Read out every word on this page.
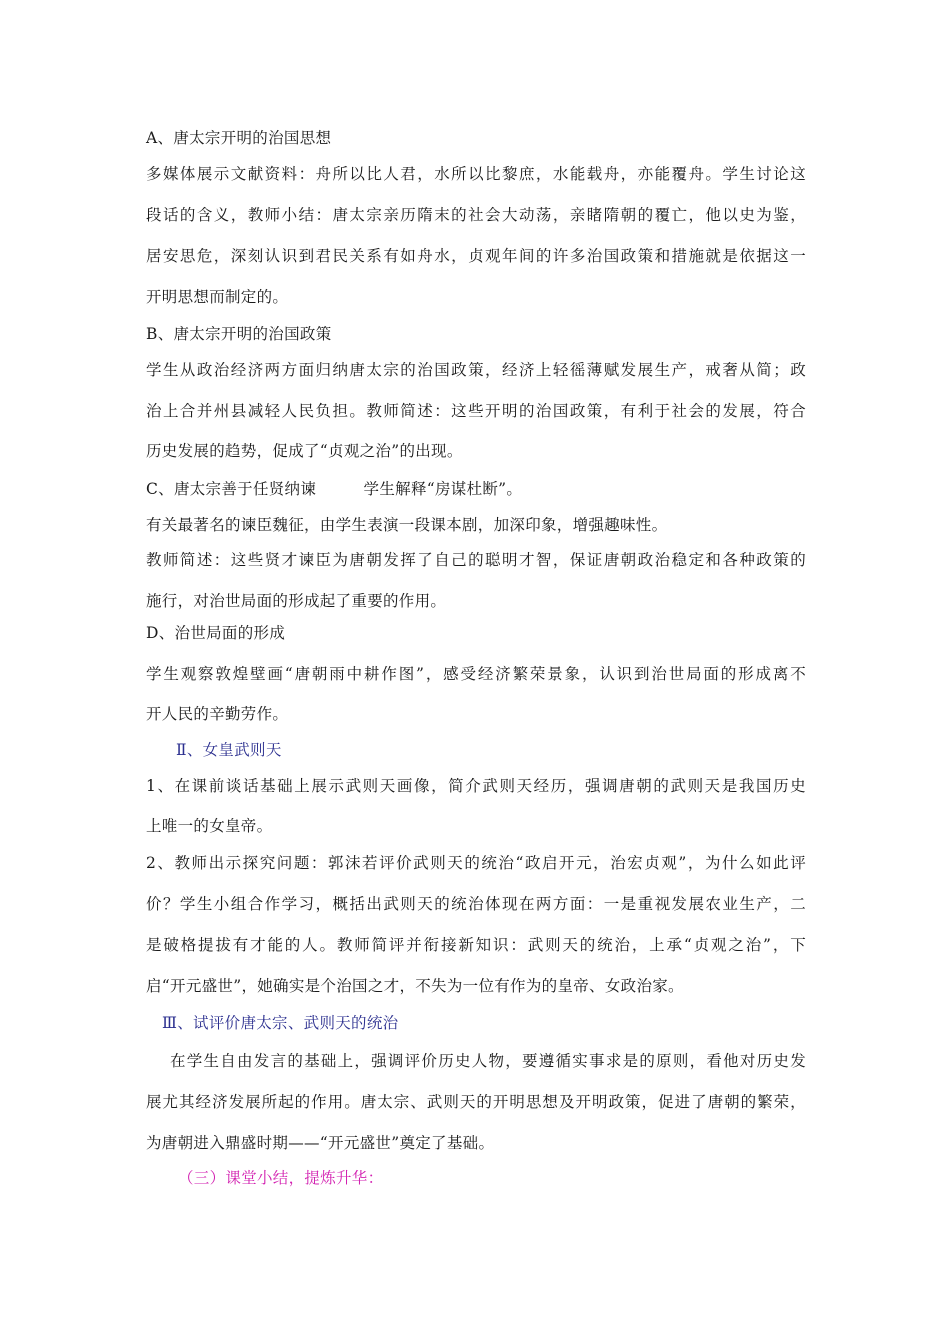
A、唐太宗开明的治国思想
多媒体展示文献资料：舟所以比人君，水所以比黎庶，水能载舟，亦能覆舟。学生讨论这
段话的含义，教师小结：唐太宗亲历隋末的社会大动荡，亲睹隋朝的覆亡，他以史为鉴，
居安思危，深刻认识到君民关系有如舟水，贞观年间的许多治国政策和措施就是依据这一
开明思想而制定的。
B、唐太宗开明的治国政策
学生从政治经济两方面归纳唐太宗的治国政策，经济上轻徭薄赋发展生产，戒奢从简；政
治上合并州县减轻人民负担。教师简述：这些开明的治国政策，有利于社会的发展，符合
历史发展的趋势，促成了“贞观之治”的出现。
C、唐太宗善于任贤纳谏　　　学生解释“房谋杜断”。
有关最著名的谏臣魏征，由学生表演一段课本剧，加深印象，增强趣味性。
教师简述：这些贤才谏臣为唐朝发挥了自己的聪明才智，保证唐朝政治稳定和各种政策的
施行，对治世局面的形成起了重要的作用。
D、治世局面的形成
学生观察敦煌壁画“唐朝雨中耕作图”，感受经济繁荣景象，认识到治世局面的形成离不
开人民的辛勤劳作。
Ⅱ、女皇武则天
1、在课前谈话基础上展示武则天画像，简介武则天经历，强调唐朝的武则天是我国历史
上唯一的女皇帝。
2、教师出示探究问题：郭沫若评价武则天的统治“政启开元，治宏贞观”，为什么如此评
价？学生小组合作学习，概括出武则天的统治体现在两方面：一是重视发展农业生产，二
是破格提拔有才能的人。教师简评并衔接新知识：武则天的统治，上承“贞观之治”，下
启“开元盛世”，她确实是个治国之才，不失为一位有作为的皇帝、女政治家。
Ⅲ、试评价唐太宗、武则天的统治
在学生自由发言的基础上，强调评价历史人物，要遵循实事求是的原则，看他对历史发
展尤其经济发展所起的作用。唐太宗、武则天的开明思想及开明政策，促进了唐朝的繁荣，
为唐朝进入鼎盛时期——“开元盛世”奠定了基础。
（三）课堂小结，提炼升华：
